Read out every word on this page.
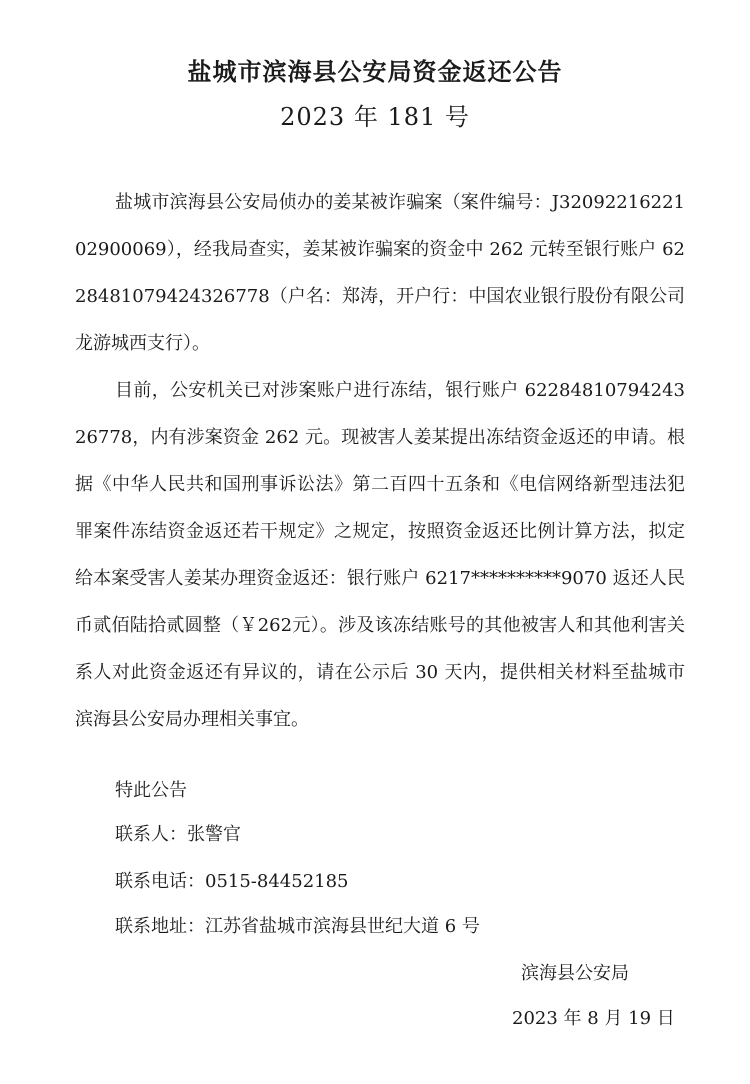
盐城市滨海县公安局资金返还公告
2023 年 181 号

盐城市滨海县公安局侦办的姜某被诈骗案（案件编号：J3209221622102900069），经我局查实，姜某被诈骗案的资金中 262 元转至银行账户 6228481079424326778（户名：郑涛，开户行：中国农业银行股份有限公司龙游城西支行）。

目前，公安机关已对涉案账户进行冻结，银行账户 6228481079424326778，内有涉案资金 262 元。现被害人姜某提出冻结资金返还的申请。根据《中华人民共和国刑事诉讼法》第二百四十五条和《电信网络新型违法犯罪案件冻结资金返还若干规定》之规定，按照资金返还比例计算方法，拟定给本案受害人姜某办理资金返还：银行账户 6217**********9070 返还人民币贰佰陆拾贰圆整（￥262元）。涉及该冻结账号的其他被害人和其他利害关系人对此资金返还有异议的，请在公示后 30 天内，提供相关材料至盐城市滨海县公安局办理相关事宜。

特此公告
联系人：张警官
联系电话：0515-84452185
联系地址：江苏省盐城市滨海县世纪大道 6 号
滨海县公安局
2023 年 8 月 19 日
